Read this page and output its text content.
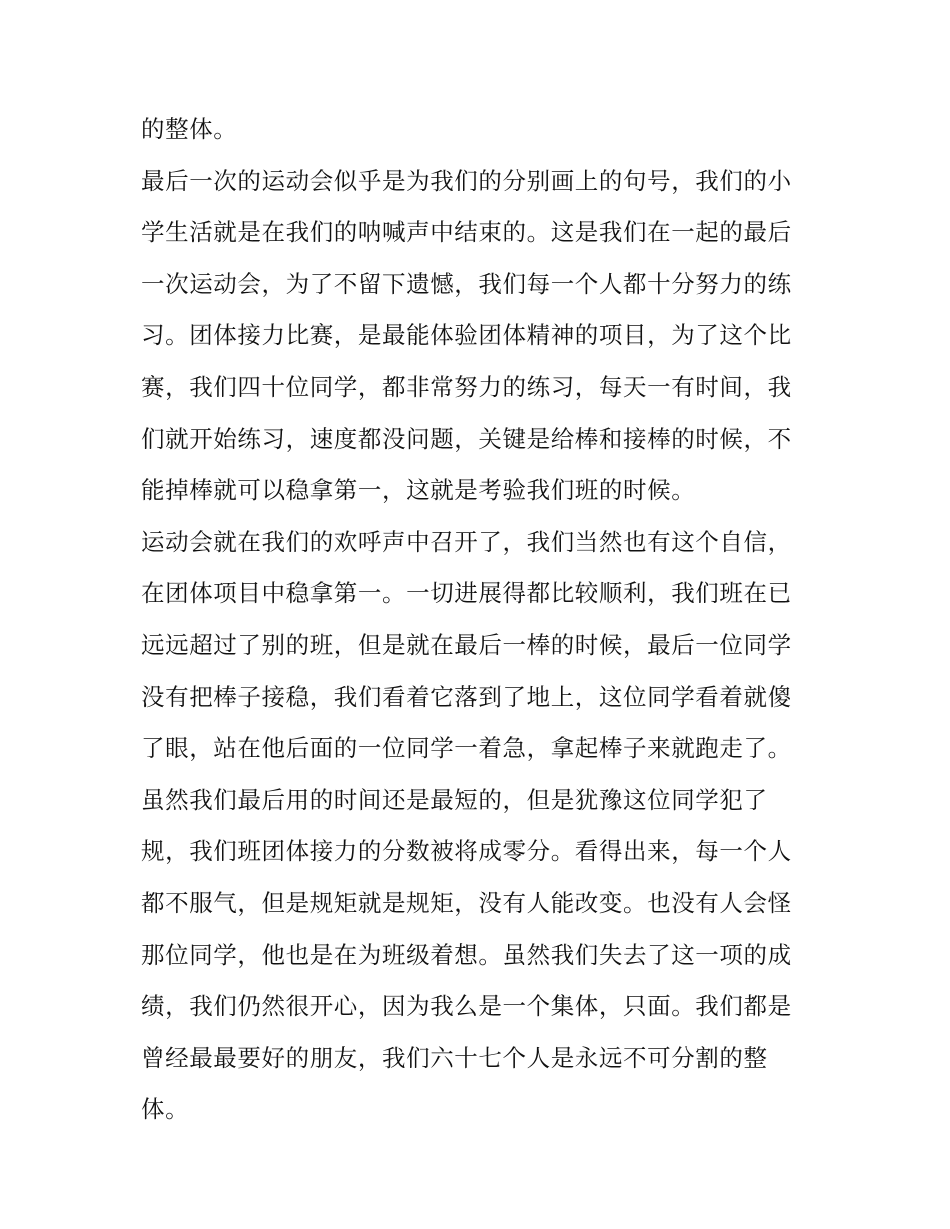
的整体。
最后一次的运动会似乎是为我们的分别画上的句号，我们的小
学生活就是在我们的呐喊声中结束的。这是我们在一起的最后
一次运动会，为了不留下遗憾，我们每一个人都十分努力的练
习。团体接力比赛，是最能体验团体精神的项目，为了这个比
赛，我们四十位同学，都非常努力的练习，每天一有时间，我
们就开始练习，速度都没问题，关键是给棒和接棒的时候，不
能掉棒就可以稳拿第一，这就是考验我们班的时候。
运动会就在我们的欢呼声中召开了，我们当然也有这个自信，
在团体项目中稳拿第一。一切进展得都比较顺利，我们班在已
远远超过了别的班，但是就在最后一棒的时候，最后一位同学
没有把棒子接稳，我们看着它落到了地上，这位同学看着就傻
了眼，站在他后面的一位同学一着急，拿起棒子来就跑走了。
虽然我们最后用的时间还是最短的，但是犹豫这位同学犯了
规，我们班团体接力的分数被将成零分。看得出来，每一个人
都不服气，但是规矩就是规矩，没有人能改变。也没有人会怪
那位同学，他也是在为班级着想。虽然我们失去了这一项的成
绩，我们仍然很开心，因为我么是一个集体，只面。我们都是
曾经最最要好的朋友，我们六十七个人是永远不可分割的整
体。
